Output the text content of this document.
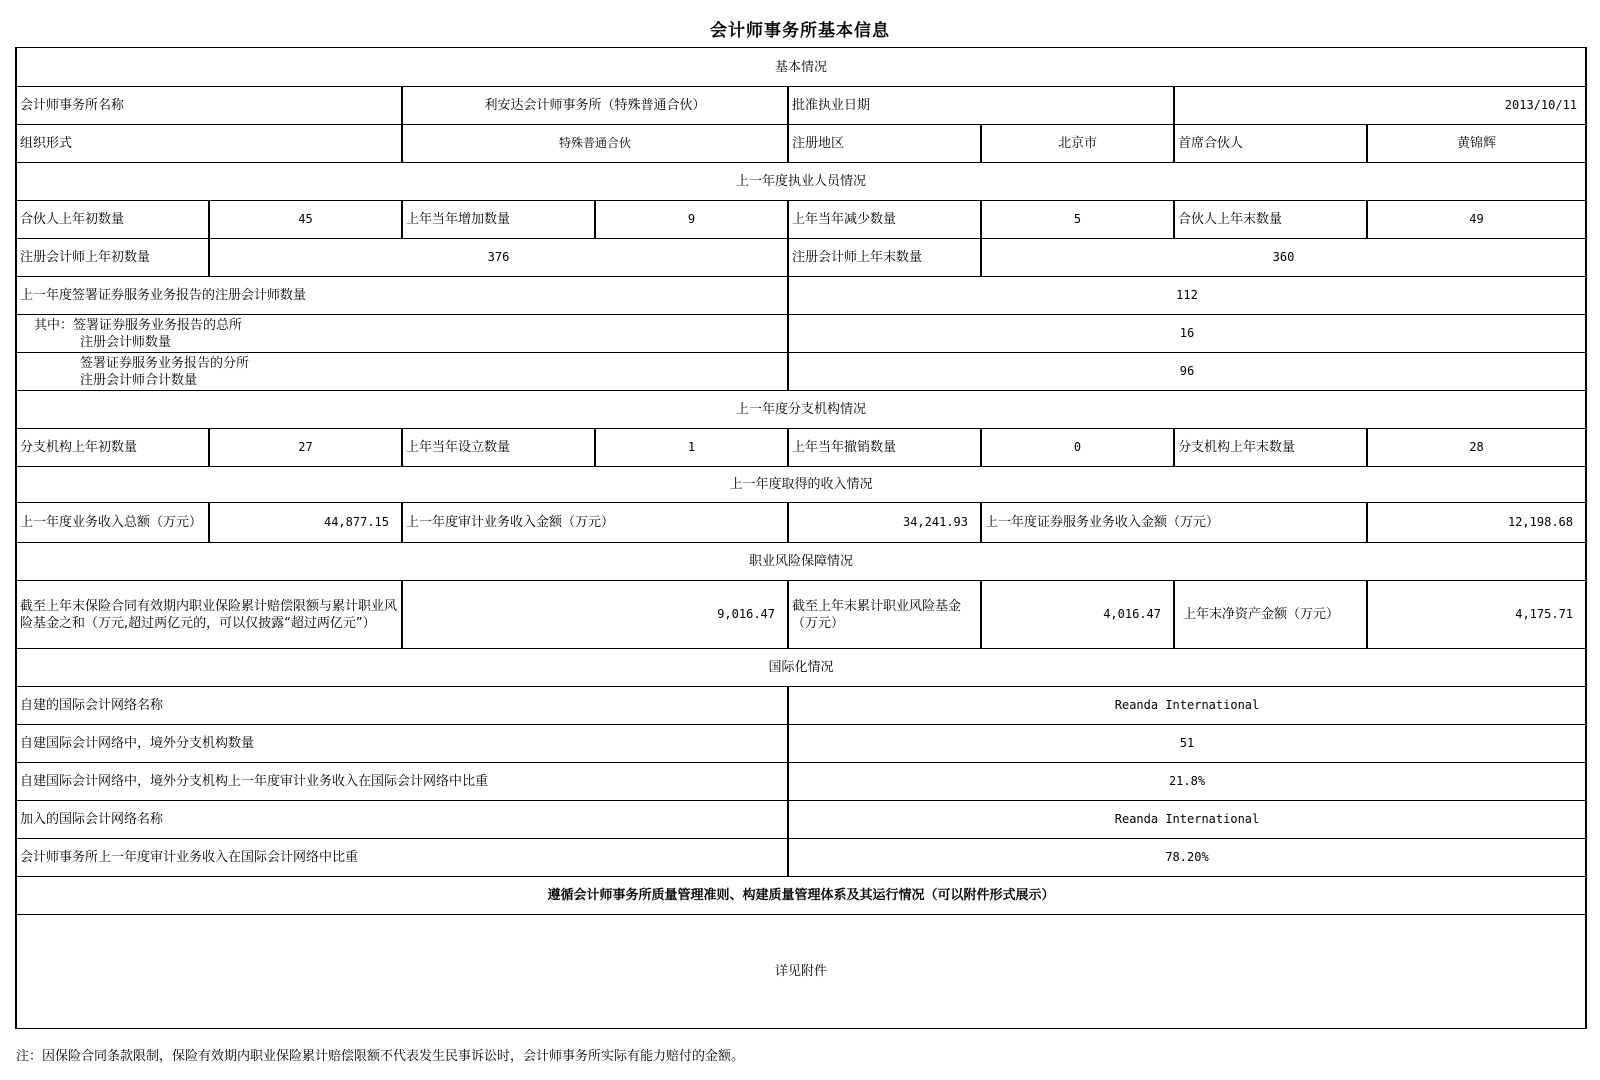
会计师事务所基本信息
基本情况							
会计师事务所名称		利安达会计师事务所（特殊普通合伙）		批准执业日期		2013/10/11	
组织形式		特殊普通合伙		注册地区	北京市	首席合伙人	黄锦辉
上一年度执业人员情况							
合伙人上年初数量	45	上年当年增加数量	9	上年当年减少数量	5	合伙人上年末数量	49
注册会计师上年初数量	376			注册会计师上年末数量	360		
上一年度签署证券服务业务报告的注册会计师数量				112			

其中：签署证券服务业务报告的总所
注册会计师数量				16			

签署证券服务业务报告的分所
注册会计师合计数量				96			
上一年度分支机构情况							
分支机构上年初数量	27	上年当年设立数量	1	上年当年撤销数量	0	分支机构上年末数量	28
上一年度取得的收入情况							
上一年度业务收入总额（万元）	44,877.15	上一年度审计业务收入金额（万元）		34,241.93	上一年度证券服务业务收入金额（万元）		12,198.68
职业风险保障情况							
截至上年末保险合同有效期内职业保险累计赔偿限额与累计职业风险基金之和（万元,超过两亿元的，可以仅披露“超过两亿元”）		9,016.47		截至上年末累计职业风险基金（万元）	4,016.47	上年末净资产金额（万元）	4,175.71
国际化情况							
自建的国际会计网络名称				Reanda International			
自建国际会计网络中，境外分支机构数量				51			
自建国际会计网络中，境外分支机构上一年度审计业务收入在国际会计网络中比重				21.8%			
加入的国际会计网络名称				Reanda International			
会计师事务所上一年度审计业务收入在国际会计网络中比重				78.20%			
遵循会计师事务所质量管理准则、构建质量管理体系及其运行情况（可以附件形式展示）							
详见附件							
注：因保险合同条款限制，保险有效期内职业保险累计赔偿限额不代表发生民事诉讼时，会计师事务所实际有能力赔付的金额。
